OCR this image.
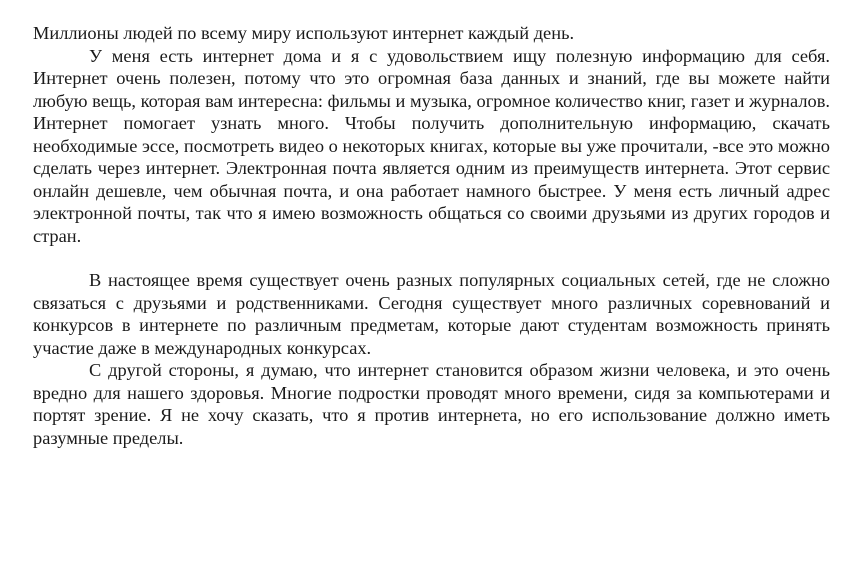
Миллионы людей по всему миру используют интернет каждый день.

У меня есть интернет дома и я с удовольствием ищу полезную информацию для себя. Интернет очень полезен, потому что это огромная база данных и знаний, где вы можете найти любую вещь, которая вам интересна: фильмы и музыка, огромное количество книг, газет и журналов. Интернет помогает узнать много. Чтобы получить дополнительную информацию, скачать необходимые эссе, посмотреть видео о некоторых книгах, которые вы уже прочитали, -все это можно сделать через интернет. Электронная почта является одним из преимуществ интернета. Этот сервис онлайн дешевле, чем обычная почта, и она работает намного быстрее. У меня есть личный адрес электронной почты, так что я имею возможность общаться со своими друзьями из других городов и стран.

В настоящее время существует очень разных популярных социальных сетей, где не сложно связаться с друзьями и родственниками. Сегодня существует много различных соревнований и конкурсов в интернете по различным предметам, которые дают студентам возможность принять участие даже в международных конкурсах.

С другой стороны, я думаю, что интернет становится образом жизни человека, и это очень вредно для нашего здоровья. Многие подростки проводят много времени, сидя за компьютерами и портят зрение. Я не хочу сказать, что я против интернета, но его использование должно иметь разумные пределы.
